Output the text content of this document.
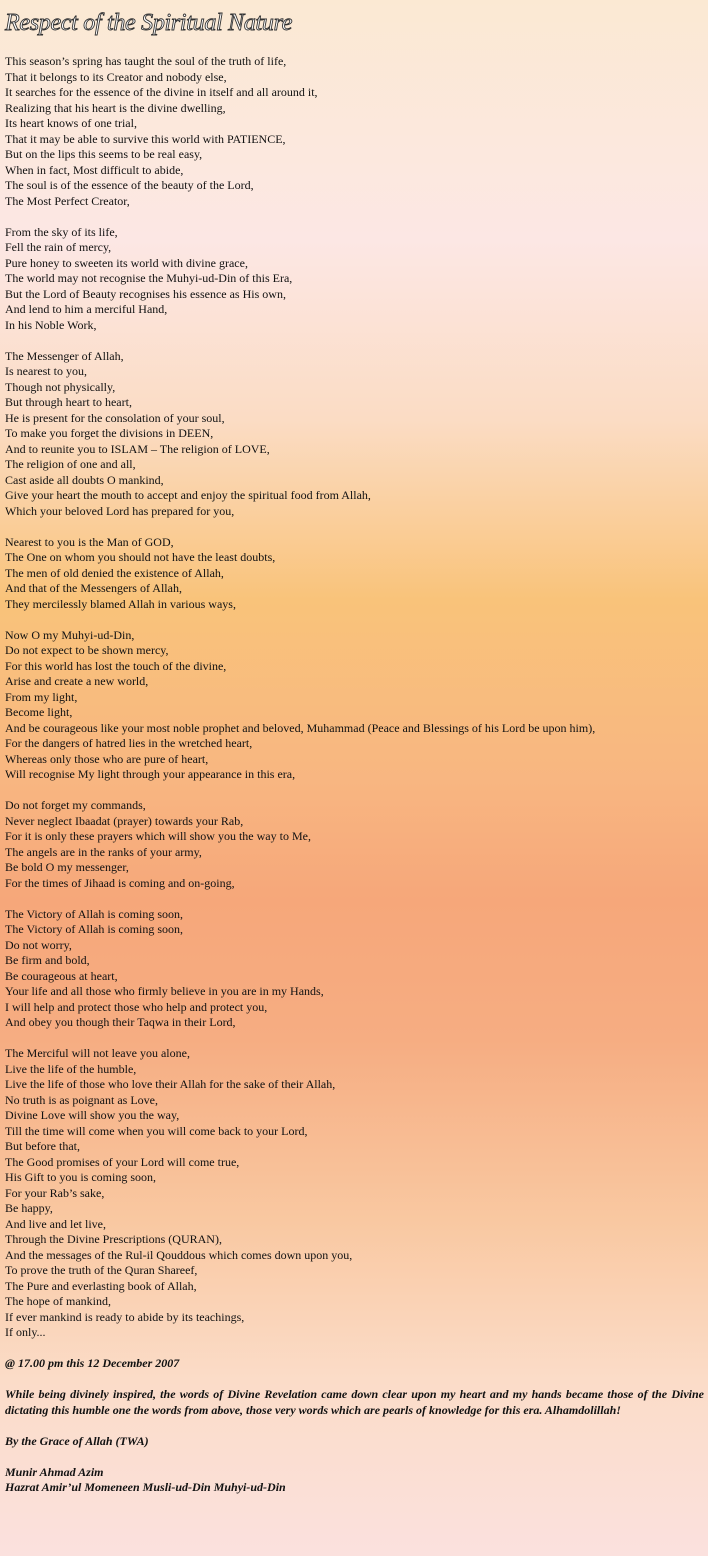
Respect of the Spiritual Nature
This season’s spring has taught the soul of the truth of life,
That it belongs to its Creator and nobody else,
It searches for the essence of the divine in itself and all around it,
Realizing that his heart is the divine dwelling,
Its heart knows of one trial,
That it may be able to survive this world with PATIENCE,
But on the lips this seems to be real easy,
When in fact, Most difficult to abide,
The soul is of the essence of the beauty of the Lord,
The Most Perfect Creator,
From the sky of its life,
Fell the rain of mercy,
Pure honey to sweeten its world with divine grace,
The world may not recognise the Muhyi-ud-Din of this Era,
But the Lord of Beauty recognises his essence as His own,
And lend to him a merciful Hand,
In his Noble Work,
The Messenger of Allah,
Is nearest to you,
Though not physically,
But through heart to heart,
He is present for the consolation of your soul,
To make you forget the divisions in DEEN,
And to reunite you to ISLAM – The religion of LOVE,
The religion of one and all,
Cast aside all doubts O mankind,
Give your heart the mouth to accept and enjoy the spiritual food from Allah,
Which your beloved Lord has prepared for you,
Nearest to you is the Man of GOD,
The One on whom you should not have the least doubts,
The men of old denied the existence of Allah,
And that of the Messengers of Allah,
They mercilessly blamed Allah in various ways,
Now O my Muhyi-ud-Din,
Do not expect to be shown mercy,
For this world has lost the touch of the divine,
Arise and create a new world,
From my light,
Become light,
And be courageous like your most noble prophet and beloved, Muhammad (Peace and Blessings of his Lord be upon him),
For the dangers of hatred lies in the wretched heart,
Whereas only those who are pure of heart,
Will recognise My light through your appearance in this era,
Do not forget my commands,
Never neglect Ibaadat (prayer) towards your Rab,
For it is only these prayers which will show you the way to Me,
The angels are in the ranks of your army,
Be bold O my messenger,
For the times of Jihaad is coming and on-going,
The Victory of Allah is coming soon,
The Victory of Allah is coming soon,
Do not worry,
Be firm and bold,
Be courageous at heart,
Your life and all those who firmly believe in you are in my Hands,
I will help and protect those who help and protect you,
And obey you though their Taqwa in their Lord,
The Merciful will not leave you alone,
Live the life of the humble,
Live the life of those who love their Allah for the sake of their Allah,
No truth is as poignant as Love,
Divine Love will show you the way,
Till the time will come when you will come back to your Lord,
But before that,
The Good promises of your Lord will come true,
His Gift to you is coming soon,
For your Rab’s sake,
Be happy,
And live and let live,
Through the Divine Prescriptions (QURAN),
And the messages of the Rul-il Qouddous which comes down upon you,
To prove the truth of the Quran Shareef,
The Pure and everlasting book of Allah,
The hope of mankind,
If ever mankind is ready to abide by its teachings,
If only...

@ 17.00 pm this 12 December 2007

While being divinely inspired, the words of Divine Revelation came down clear upon my heart and my hands became those of the Divine dictating this humble one the words from above, those very words which are pearls of knowledge for this era. Alhamdolillah!

By the Grace of Allah (TWA)

Munir Ahmad Azim

Hazrat Amir’ul Momeneen Musli-ud-Din Muhyi-ud-Din
